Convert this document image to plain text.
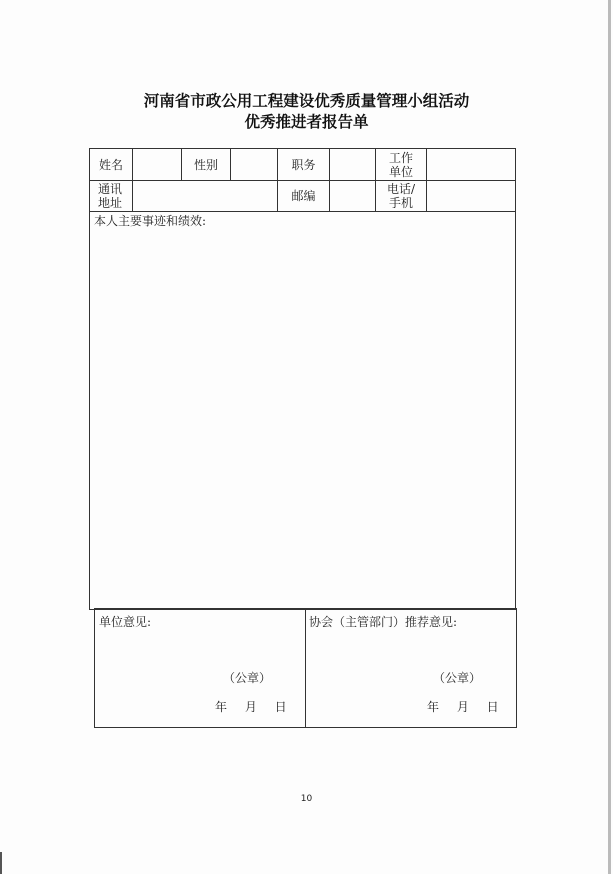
河南省市政公用工程建设优秀质量管理小组活动
优秀推进者报告单
姓名		性别		职务		工作
单位	
通讯
地址				邮编		电话/
手机	
本人主要事迹和绩效:							
单位意见:
（公章）
年 月 日
协会（主管部门）推荐意见:
（公章）
年 月 日
10
